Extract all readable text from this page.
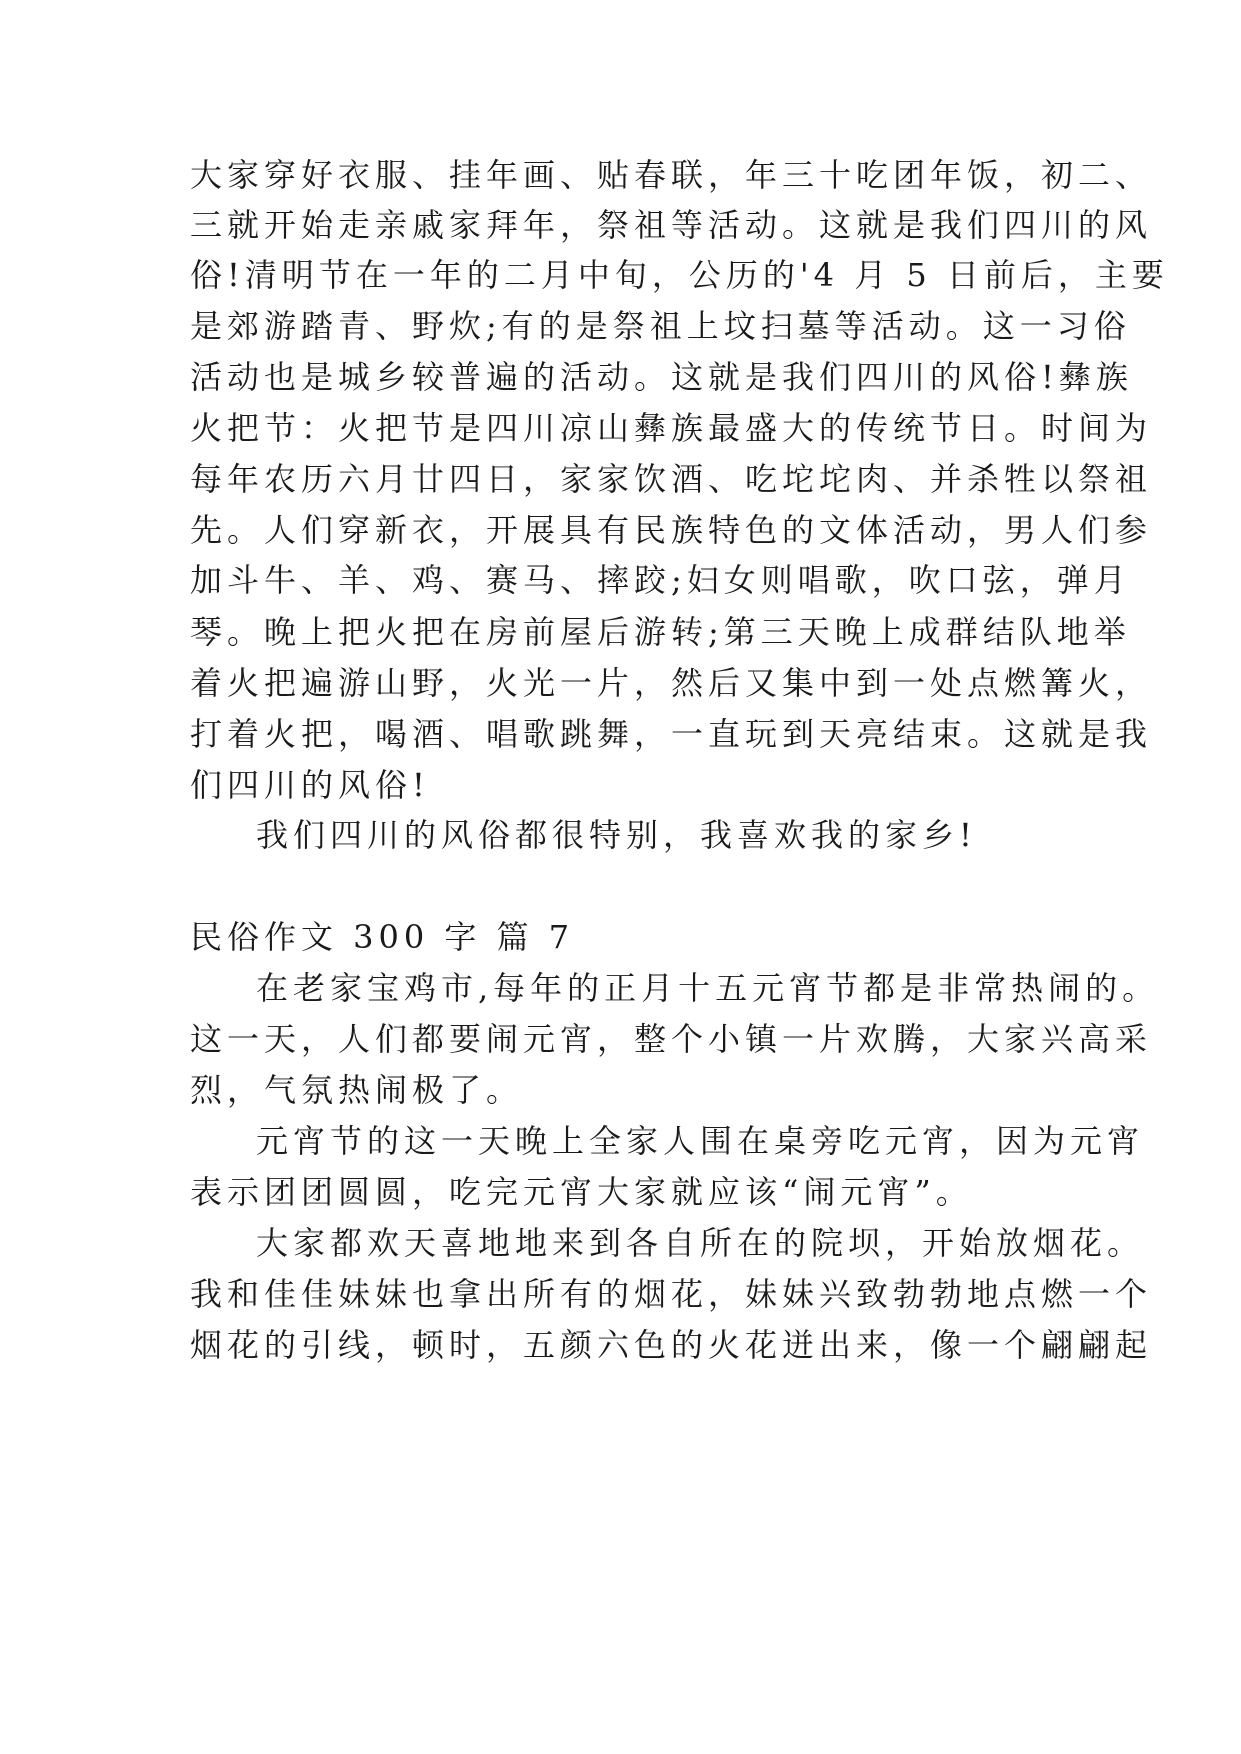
大家穿好衣服、挂年画、贴春联，年三十吃团年饭，初二、

三就开始走亲戚家拜年，祭祖等活动。这就是我们四川的风

俗!清明节在一年的二月中旬，公历的'4 月 5 日前后，主要

是郊游踏青、野炊;有的是祭祖上坟扫墓等活动。这一习俗

活动也是城乡较普遍的活动。这就是我们四川的风俗!彝族

火把节：火把节是四川凉山彝族最盛大的传统节日。时间为

每年农历六月廿四日，家家饮酒、吃坨坨肉、并杀牲以祭祖

先。人们穿新衣，开展具有民族特色的文体活动，男人们参

加斗牛、羊、鸡、赛马、摔跤;妇女则唱歌，吹口弦，弹月

琴。晚上把火把在房前屋后游转;第三天晚上成群结队地举

着火把遍游山野，火光一片，然后又集中到一处点燃篝火，

打着火把，喝酒、唱歌跳舞，一直玩到天亮结束。这就是我

们四川的风俗!

我们四川的风俗都很特别，我喜欢我的家乡!

民俗作文 300 字 篇 7

在老家宝鸡市,每年的正月十五元宵节都是非常热闹的。

这一天，人们都要闹元宵，整个小镇一片欢腾，大家兴高采

烈，气氛热闹极了。

元宵节的这一天晚上全家人围在桌旁吃元宵，因为元宵

表示团团圆圆，吃完元宵大家就应该“闹元宵”。

大家都欢天喜地地来到各自所在的院坝，开始放烟花。

我和佳佳妹妹也拿出所有的烟花，妹妹兴致勃勃地点燃一个

烟花的引线，顿时，五颜六色的火花迸出来，像一个翩翩起
